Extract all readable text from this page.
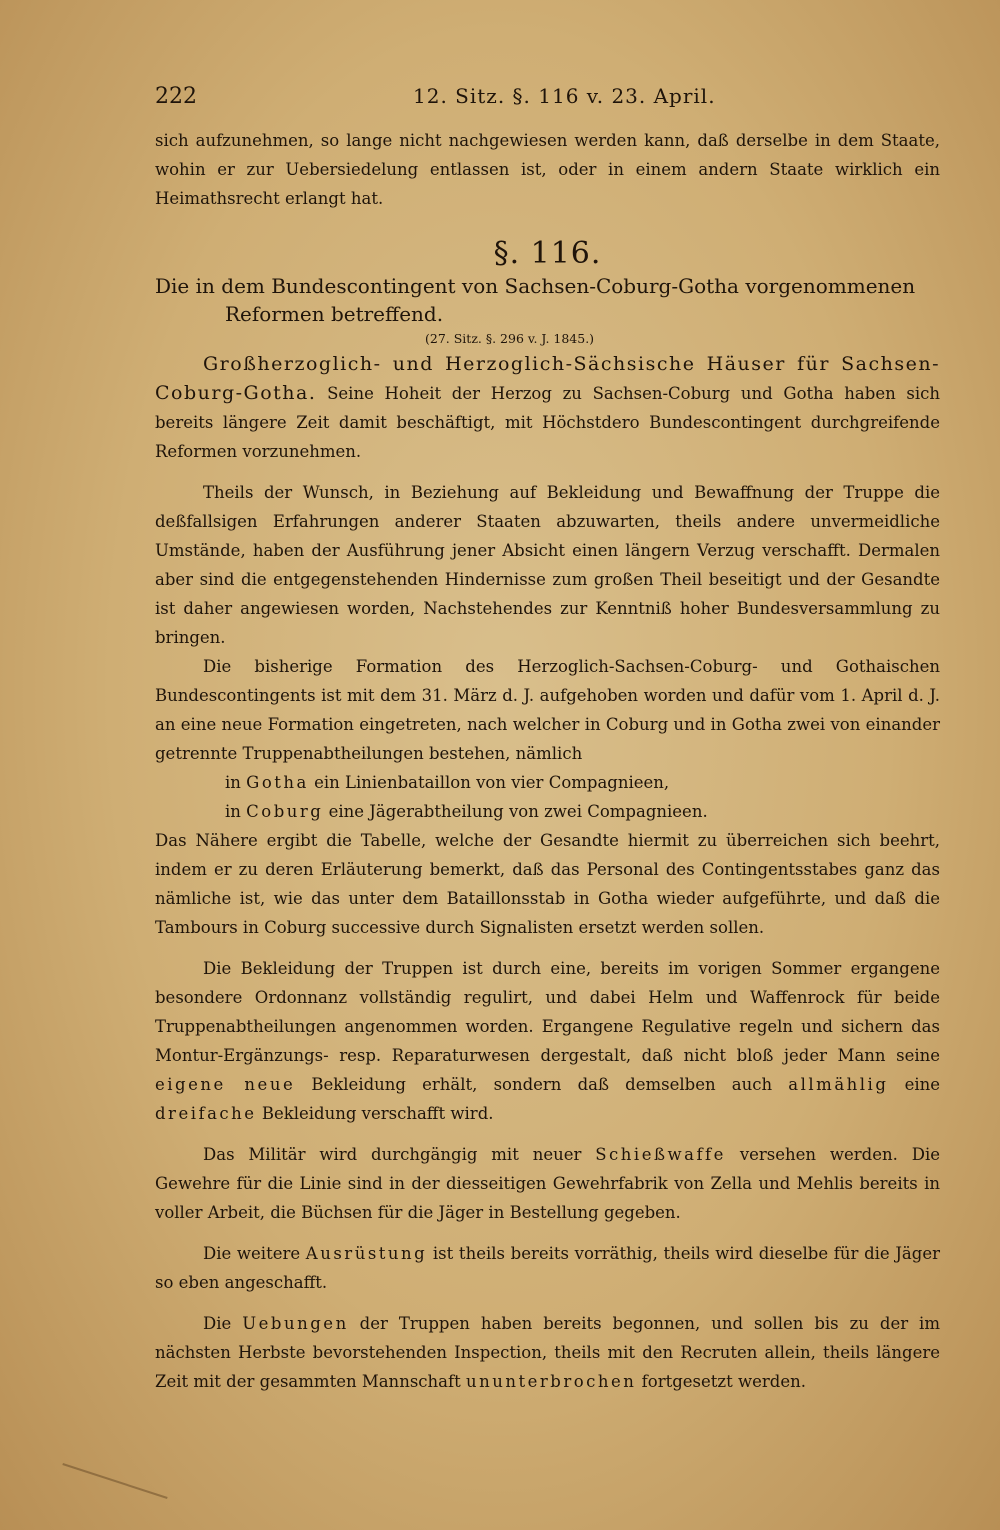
222	12. Sitz. §. 116 v. 23. April.

sich aufzunehmen, so lange nicht nachgewiesen werden kann, daß derselbe in dem Staate, wohin er zur Uebersiedelung entlassen ist, oder in einem andern Staate wirklich ein Heimathsrecht erlangt hat.

§. 116.

Die in dem Bundescontingent von Sachsen-Coburg-Gotha vorgenommenen Reformen betreffend.

(27. Sitz. §. 296 v. J. 1845.)

Großherzoglich- und Herzoglich-Sächsische Häuser für Sachsen-Coburg-Gotha. Seine Hoheit der Herzog zu Sachsen-Coburg und Gotha haben sich bereits längere Zeit damit beschäftigt, mit Höchstdero Bundescontingent durchgreifende Reformen vorzunehmen.

Theils der Wunsch, in Beziehung auf Bekleidung und Bewaffnung der Truppe die deßfallsigen Erfahrungen anderer Staaten abzuwarten, theils andere unvermeidliche Umstände, haben der Ausführung jener Absicht einen längern Verzug verschafft. Dermalen aber sind die entgegenstehenden Hindernisse zum großen Theil beseitigt und der Gesandte ist daher angewiesen worden, Nachstehendes zur Kenntniß hoher Bundesversammlung zu bringen.

Die bisherige Formation des Herzoglich-Sachsen-Coburg- und Gothaischen Bundescontingents ist mit dem 31. März d. J. aufgehoben worden und dafür vom 1. April d. J. an eine neue Formation eingetreten, nach welcher in Coburg und in Gotha zwei von einander getrennte Truppenabtheilungen bestehen, nämlich

in Gotha ein Linienbataillon von vier Compagnieen,

in Coburg eine Jägerabtheilung von zwei Compagnieen.

Das Nähere ergibt die Tabelle, welche der Gesandte hiermit zu überreichen sich beehrt, indem er zu deren Erläuterung bemerkt, daß das Personal des Contingentsstabes ganz das nämliche ist, wie das unter dem Bataillonsstab in Gotha wieder aufgeführte, und daß die Tambours in Coburg successive durch Signalisten ersetzt werden sollen.

Die Bekleidung der Truppen ist durch eine, bereits im vorigen Sommer ergangene besondere Ordonnanz vollständig regulirt, und dabei Helm und Waffenrock für beide Truppenabtheilungen angenommen worden. Ergangene Regulative regeln und sichern das Montur-Ergänzungs- resp. Reparaturwesen dergestalt, daß nicht bloß jeder Mann seine eigene neue Bekleidung erhält, sondern daß demselben auch allmählig eine dreifache Bekleidung verschafft wird.

Das Militär wird durchgängig mit neuer Schießwaffe versehen werden. Die Gewehre für die Linie sind in der diesseitigen Gewehrfabrik von Zella und Mehlis bereits in voller Arbeit, die Büchsen für die Jäger in Bestellung gegeben.

Die weitere Ausrüstung ist theils bereits vorräthig, theils wird dieselbe für die Jäger so eben angeschafft.

Die Uebungen der Truppen haben bereits begonnen, und sollen bis zu der im nächsten Herbste bevorstehenden Inspection, theils mit den Recruten allein, theils längere Zeit mit der gesammten Mannschaft ununterbrochen fortgesetzt werden.
